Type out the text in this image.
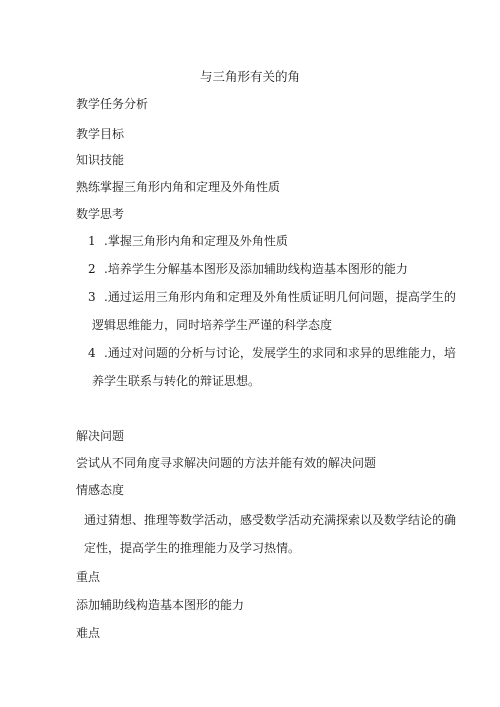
与三角形有关的角
教学任务分析
教学目标
知识技能
熟练掌握三角形内角和定理及外角性质
数学思考
1 .掌握三角形内角和定理及外角性质
2 .培养学生分解基本图形及添加辅助线构造基本图形的能力
3 .通过运用三角形内角和定理及外角性质证明几何问题，提高学生的
逻辑思维能力，同时培养学生严谨的科学态度
4 .通过对问题的分析与讨论，发展学生的求同和求异的思维能力，培
养学生联系与转化的辩证思想。
解决问题
尝试从不同角度寻求解决问题的方法并能有效的解决问题
情感态度
通过猜想、推理等数学活动，感受数学活动充满探索以及数学结论的确
定性，提高学生的推理能力及学习热情。
重点
添加辅助线构造基本图形的能力
难点
